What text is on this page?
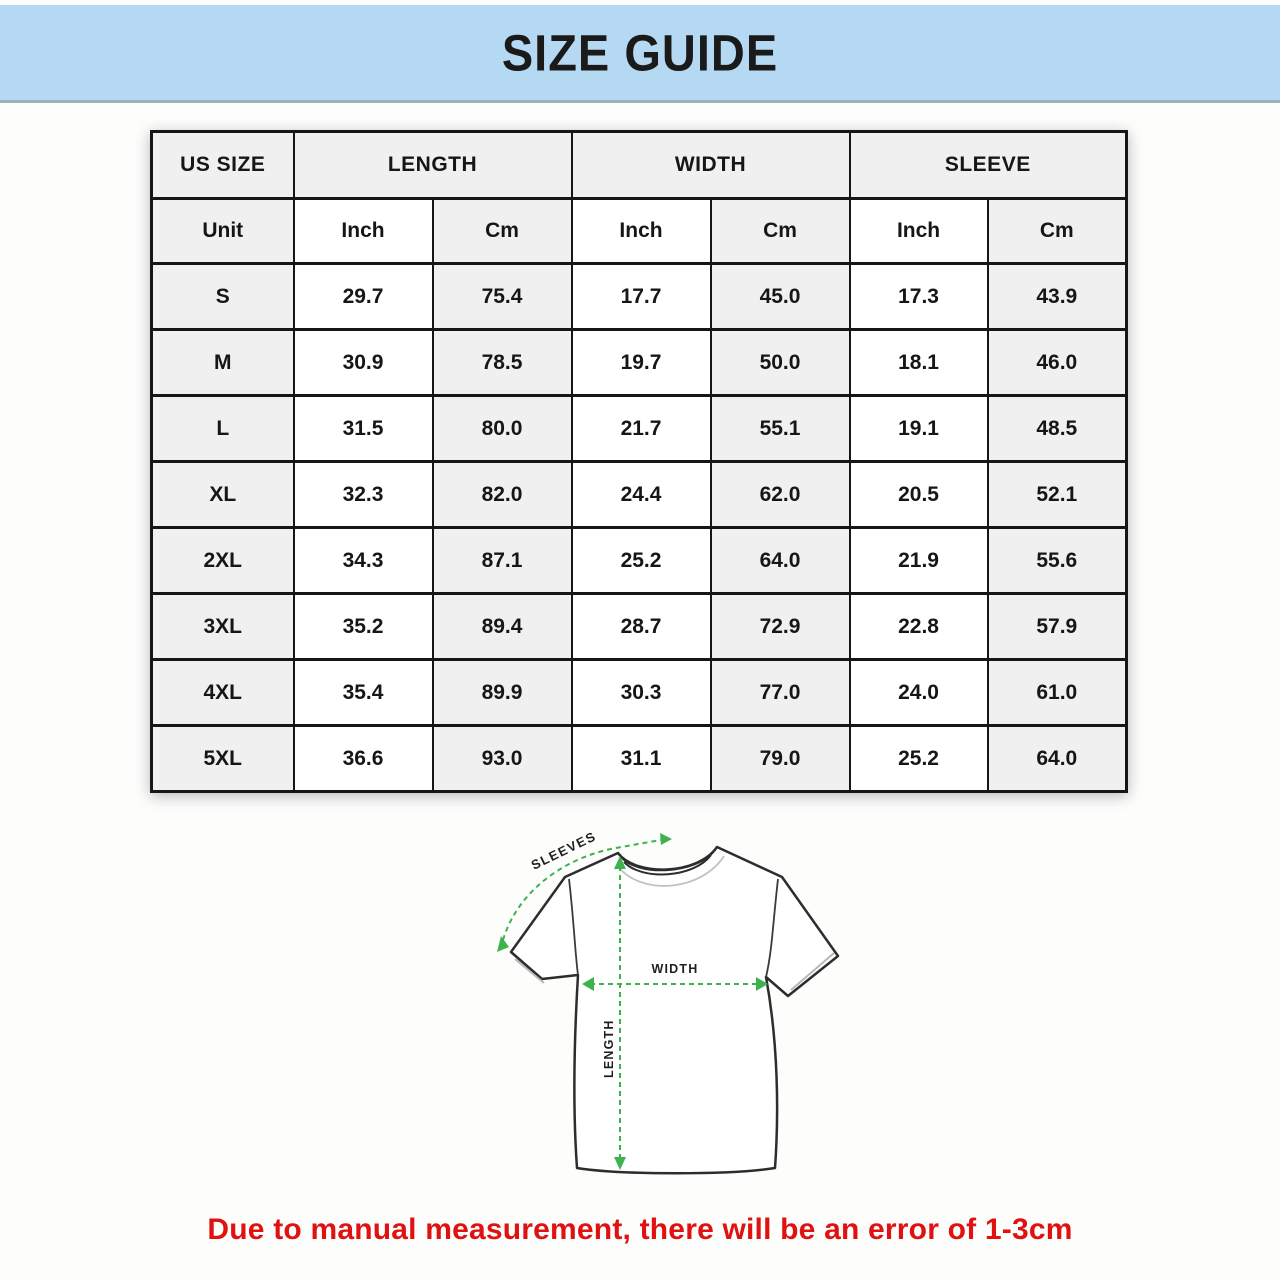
SIZE GUIDE
US SIZE	LENGTH		WIDTH		SLEEVE	
Unit	Inch	Cm	Inch	Cm	Inch	Cm
S	29.7	75.4	17.7	45.0	17.3	43.9
M	30.9	78.5	19.7	50.0	18.1	46.0
L	31.5	80.0	21.7	55.1	19.1	48.5
XL	32.3	82.0	24.4	62.0	20.5	52.1
2XL	34.3	87.1	25.2	64.0	21.9	55.6
3XL	35.2	89.4	28.7	72.9	22.8	57.9
4XL	35.4	89.9	30.3	77.0	24.0	61.0
5XL	36.6	93.0	31.1	79.0	25.2	64.0
LENGTH
WIDTH
SLEEVES
Due to manual measurement, there will be an error of 1-3cm
